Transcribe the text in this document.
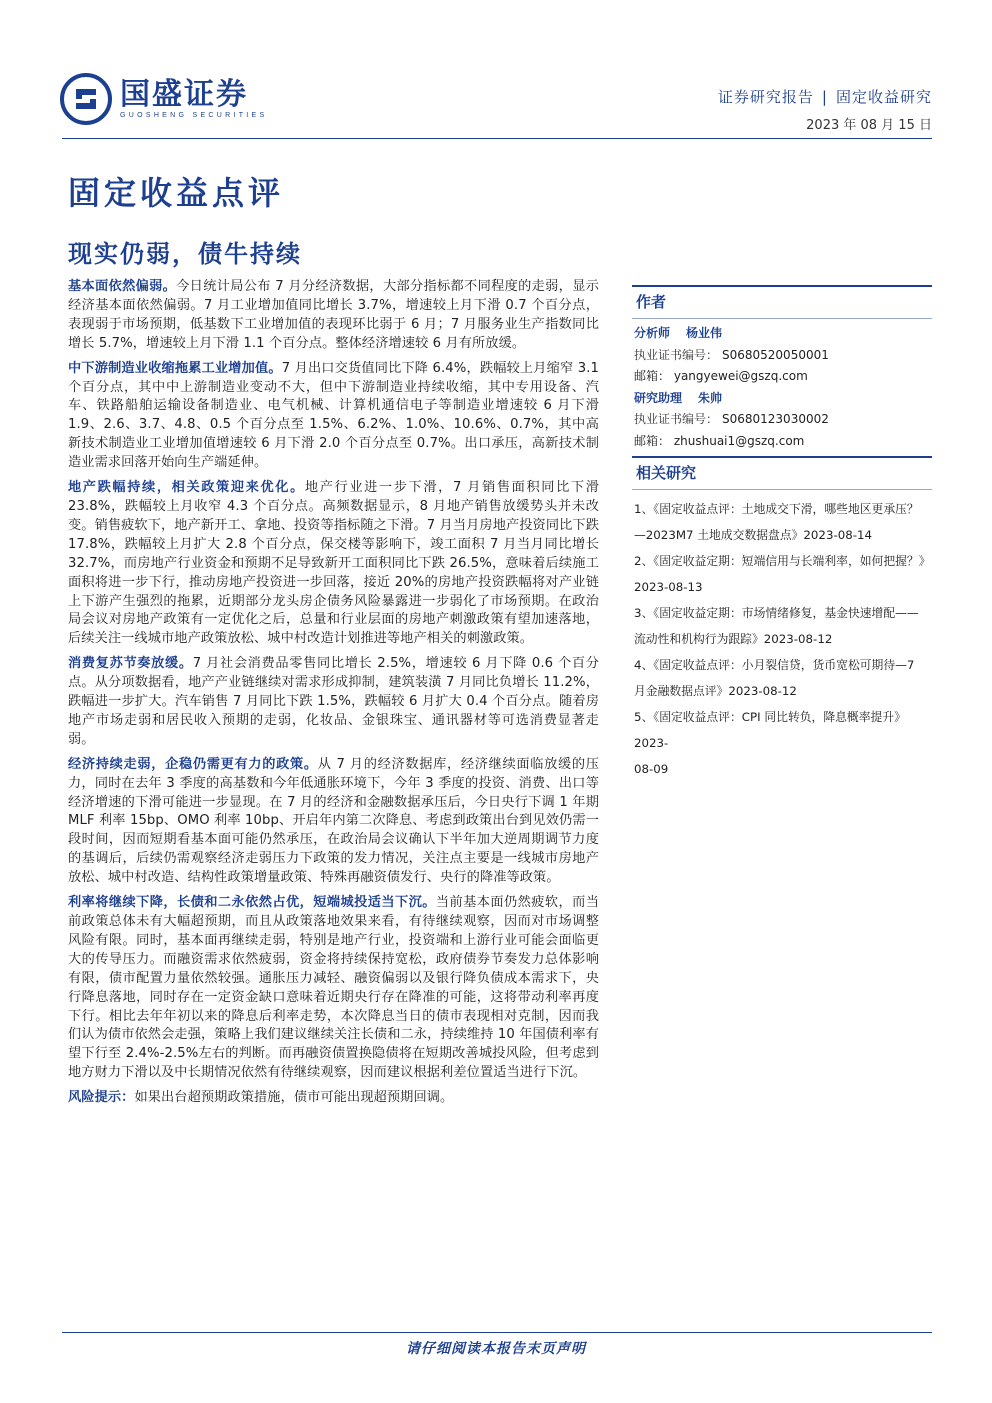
国盛证券
GUOSHENG SECURITIES
证券研究报告 | 固定收益研究
2023 年 08 月 15 日
固定收益点评
现实仍弱，债牛持续

基本面依然偏弱。今日统计局公布 7 月分经济数据，大部分指标都不同程度的走弱，显示经济基本面依然偏弱。7 月工业增加值同比增长 3.7%，增速较上月下滑 0.7 个百分点，表现弱于市场预期，低基数下工业增加值的表现环比弱于 6 月；7 月服务业生产指数同比增长 5.7%，增速较上月下滑 1.1 个百分点。整体经济增速较 6 月有所放缓。

中下游制造业收缩拖累工业增加值。7 月出口交货值同比下降 6.4%，跌幅较上月缩窄 3.1 个百分点，其中中上游制造业变动不大，但中下游制造业持续收缩，其中专用设备、汽车、铁路船舶运输设备制造业、电气机械、计算机通信电子等制造业增速较 6 月下滑 1.9、2.6、3.7、4.8、0.5 个百分点至 1.5%、6.2%、1.0%、10.6%、0.7%，其中高新技术制造业工业增加值增速较 6 月下滑 2.0 个百分点至 0.7%。出口承压，高新技术制造业需求回落开始向生产端延伸。

地产跌幅持续，相关政策迎来优化。地产行业进一步下滑，7 月销售面积同比下滑 23.8%，跌幅较上月收窄 4.3 个百分点。高频数据显示，8 月地产销售放缓势头并未改变。销售疲软下，地产新开工、拿地、投资等指标随之下滑。7 月当月房地产投资同比下跌 17.8%，跌幅较上月扩大 2.8 个百分点，保交楼等影响下，竣工面积 7 月当月同比增长 32.7%，而房地产行业资金和预期不足导致新开工面积同比下跌 26.5%，意味着后续施工面积将进一步下行，推动房地产投资进一步回落，接近 20%的房地产投资跌幅将对产业链上下游产生强烈的拖累，近期部分龙头房企债务风险暴露进一步弱化了市场预期。在政治局会议对房地产政策有一定优化之后，总量和行业层面的房地产刺激政策有望加速落地，后续关注一线城市地产政策放松、城中村改造计划推进等地产相关的刺激政策。

消费复苏节奏放缓。7 月社会消费品零售同比增长 2.5%，增速较 6 月下降 0.6 个百分点。从分项数据看，地产产业链继续对需求形成抑制，建筑装潢 7 月同比负增长 11.2%，跌幅进一步扩大。汽车销售 7 月同比下跌 1.5%，跌幅较 6 月扩大 0.4 个百分点。随着房地产市场走弱和居民收入预期的走弱，化妆品、金银珠宝、通讯器材等可选消费显著走弱。

经济持续走弱，企稳仍需更有力的政策。从 7 月的经济数据库，经济继续面临放缓的压力，同时在去年 3 季度的高基数和今年低通胀环境下，今年 3 季度的投资、消费、出口等经济增速的下滑可能进一步显现。在 7 月的经济和金融数据承压后，今日央行下调 1 年期 MLF 利率 15bp、OMO 利率 10bp、开启年内第二次降息、考虑到政策出台到见效仍需一段时间，因而短期看基本面可能仍然承压，在政治局会议确认下半年加大逆周期调节力度的基调后，后续仍需观察经济走弱压力下政策的发力情况，关注点主要是一线城市房地产放松、城中村改造、结构性政策增量政策、特殊再融资债发行、央行的降准等政策。

利率将继续下降，长债和二永依然占优，短端城投适当下沉。当前基本面仍然疲软，而当前政策总体未有大幅超预期，而且从政策落地效果来看，有待继续观察，因而对市场调整风险有限。同时，基本面再继续走弱，特别是地产行业，投资端和上游行业可能会面临更大的传导压力。而融资需求依然疲弱，资金将持续保持宽松，政府债券节奏发力总体影响有限，债市配置力量依然较强。通胀压力减轻、融资偏弱以及银行降负债成本需求下，央行降息落地，同时存在一定资金缺口意味着近期央行存在降准的可能，这将带动利率再度下行。相比去年年初以来的降息后利率走势，本次降息当日的债市表现相对克制，因而我们认为债市依然会走强，策略上我们建议继续关注长债和二永，持续维持 10 年国债利率有望下行至 2.4%-2.5%左右的判断。而再融资债置换隐债将在短期改善城投风险，但考虑到地方财力下滑以及中长期情况依然有待继续观察，因而建议根据利差位置适当进行下沉。

风险提示：如果出台超预期政策措施，债市可能出现超预期回调。

作者
分析师 杨业伟
执业证书编号： S0680520050001
邮箱： yangyewei@gszq.com
研究助理 朱帅
执业证书编号： S0680123030002
邮箱： zhushuai1@gszq.com
相关研究
1、《固定收益点评：土地成交下滑，哪些地区更承压？
—2023M7 土地成交数据盘点》2023-08-14
2、《固定收益定期：短端信用与长端利率，如何把握？》
2023-08-13
3、《固定收益定期：市场情绪修复，基金快速增配——
流动性和机构行为跟踪》2023-08-12
4、《固定收益点评：小月裂信贷，货币宽松可期待—7
月金融数据点评》2023-08-12
5、《固定收益点评：CPI 同比转负，降息概率提升》2023-
08-09
请仔细阅读本报告末页声明
